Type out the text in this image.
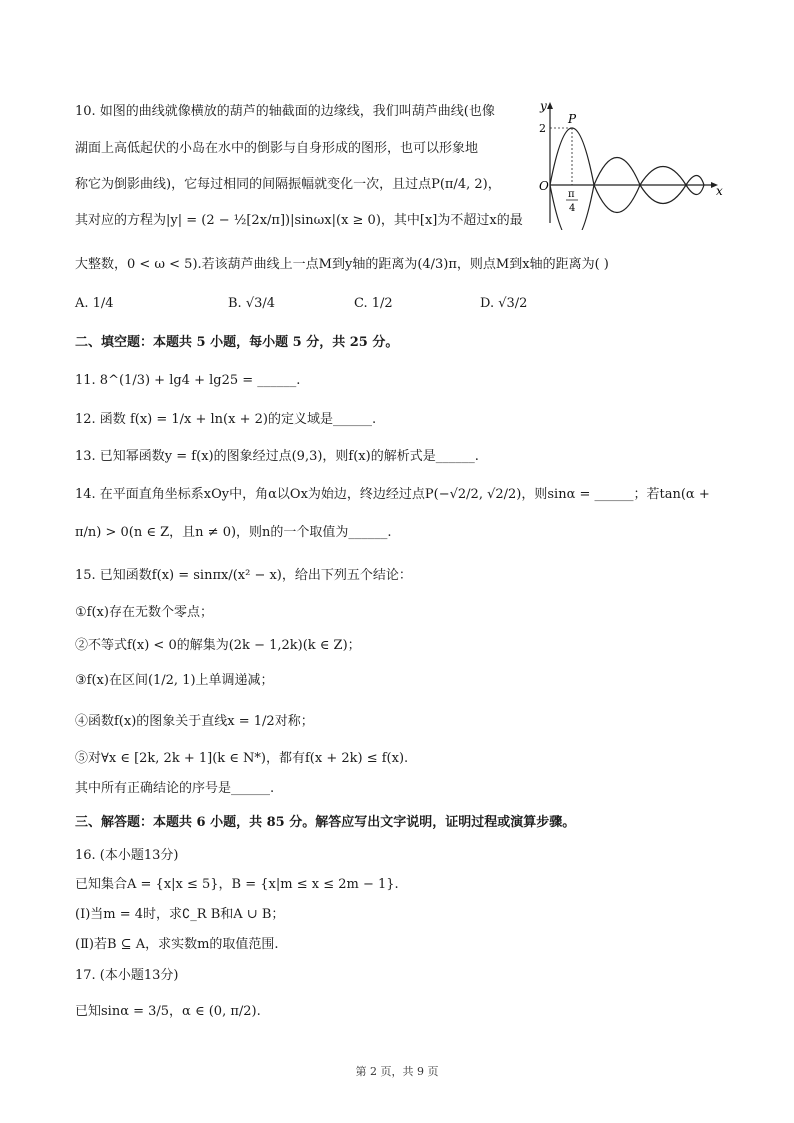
10. 如图的曲线就像横放的葫芦的轴截面的边缘线，我们叫葫芦曲线(也像
湖面上高低起伏的小岛在水中的倒影与自身形成的图形，也可以形象地
称它为倒影曲线)，它每过相同的间隔振幅就变化一次，且过点P(π/4, 2)，
其对应的方程为|y| = (2 − ½[2x/π])|sinωx|(x ≥ 0)，其中[x]为不超过x的最
大整数，0 < ω < 5).若该葫芦曲线上一点M到y轴的距离为(4/3)π，则点M到x轴的距离为( )
y
x
O
P
2
π
4
A. 1/4	B. √3/4	C. 1/2	D. √3/2
二、填空题：本题共 5 小题，每小题 5 分，共 25 分。
11. 8^(1/3) + lg4 + lg25 = ______.
12. 函数 f(x) = 1/x + ln(x + 2)的定义域是______.
13. 已知幂函数y = f(x)的图象经过点(9,3)，则f(x)的解析式是______.
14. 在平面直角坐标系xOy中，角α以Ox为始边，终边经过点P(−√2/2, √2/2)，则sinα = ______；若tan(α +
π/n) > 0(n ∈ Z，且n ≠ 0)，则n的一个取值为______.
15. 已知函数f(x) = sinπx/(x² − x)，给出下列五个结论：
①f(x)存在无数个零点；
②不等式f(x) < 0的解集为(2k − 1,2k)(k ∈ Z)；
③f(x)在区间(1/2, 1)上单调递减；
④函数f(x)的图象关于直线x = 1/2对称；
⑤对∀x ∈ [2k, 2k + 1](k ∈ N*)，都有f(x + 2k) ≤ f(x).
其中所有正确结论的序号是______.
三、解答题：本题共 6 小题，共 85 分。解答应写出文字说明，证明过程或演算步骤。
16. (本小题13分)
已知集合A = {x|x ≤ 5}，B = {x|m ≤ x ≤ 2m − 1}.
(Ⅰ)当m = 4时，求∁_R B和A ∪ B；
(Ⅱ)若B ⊆ A，求实数m的取值范围.
17. (本小题13分)
已知sinα = 3/5，α ∈ (0, π/2).
第 2 页，共 9 页
